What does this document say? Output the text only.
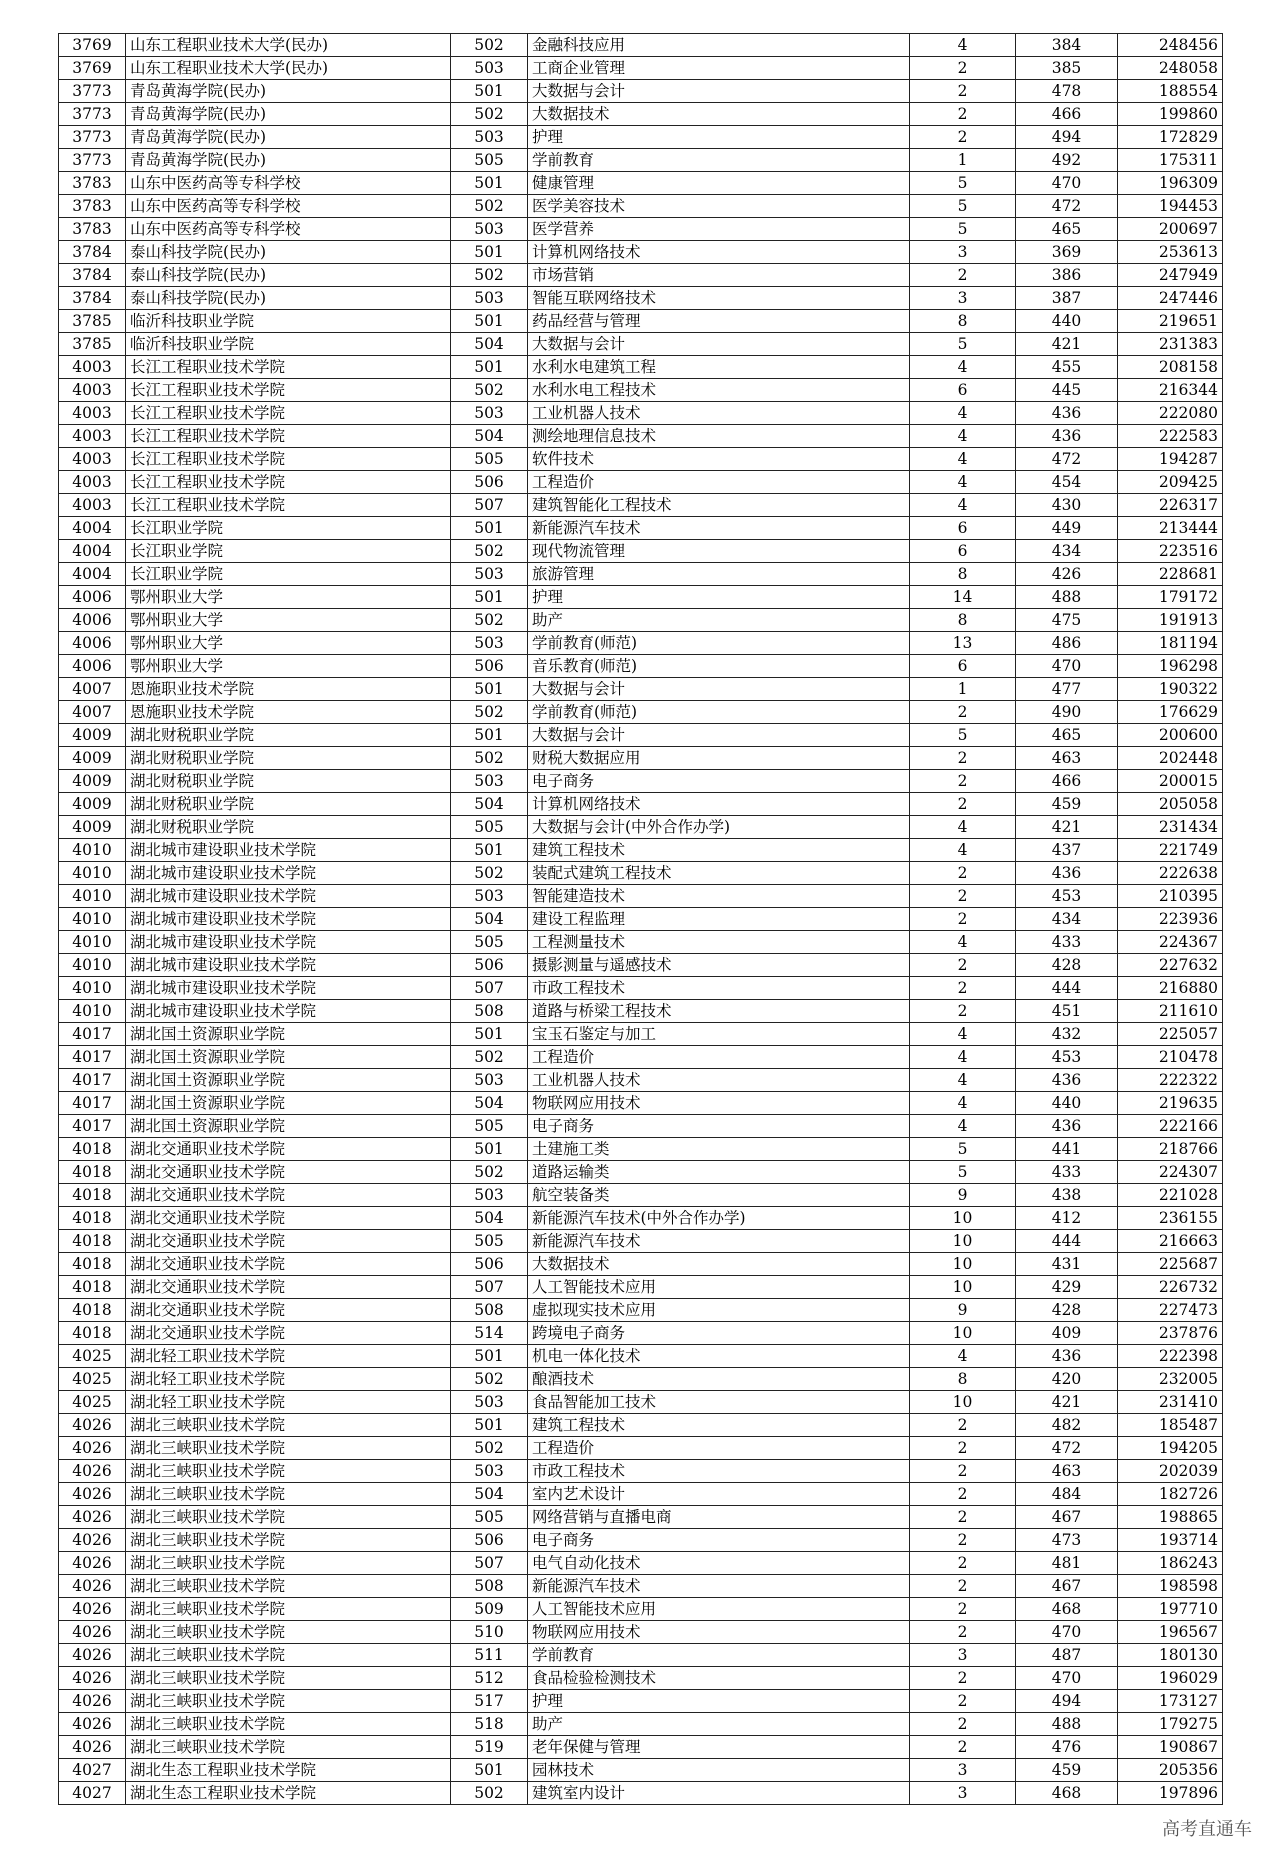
3769	山东工程职业技术大学(民办)	502	金融科技应用	4	384	248456
3769	山东工程职业技术大学(民办)	503	工商企业管理	2	385	248058
3773	青岛黄海学院(民办)	501	大数据与会计	2	478	188554
3773	青岛黄海学院(民办)	502	大数据技术	2	466	199860
3773	青岛黄海学院(民办)	503	护理	2	494	172829
3773	青岛黄海学院(民办)	505	学前教育	1	492	175311
3783	山东中医药高等专科学校	501	健康管理	5	470	196309
3783	山东中医药高等专科学校	502	医学美容技术	5	472	194453
3783	山东中医药高等专科学校	503	医学营养	5	465	200697
3784	泰山科技学院(民办)	501	计算机网络技术	3	369	253613
3784	泰山科技学院(民办)	502	市场营销	2	386	247949
3784	泰山科技学院(民办)	503	智能互联网络技术	3	387	247446
3785	临沂科技职业学院	501	药品经营与管理	8	440	219651
3785	临沂科技职业学院	504	大数据与会计	5	421	231383
4003	长江工程职业技术学院	501	水利水电建筑工程	4	455	208158
4003	长江工程职业技术学院	502	水利水电工程技术	6	445	216344
4003	长江工程职业技术学院	503	工业机器人技术	4	436	222080
4003	长江工程职业技术学院	504	测绘地理信息技术	4	436	222583
4003	长江工程职业技术学院	505	软件技术	4	472	194287
4003	长江工程职业技术学院	506	工程造价	4	454	209425
4003	长江工程职业技术学院	507	建筑智能化工程技术	4	430	226317
4004	长江职业学院	501	新能源汽车技术	6	449	213444
4004	长江职业学院	502	现代物流管理	6	434	223516
4004	长江职业学院	503	旅游管理	8	426	228681
4006	鄂州职业大学	501	护理	14	488	179172
4006	鄂州职业大学	502	助产	8	475	191913
4006	鄂州职业大学	503	学前教育(师范)	13	486	181194
4006	鄂州职业大学	506	音乐教育(师范)	6	470	196298
4007	恩施职业技术学院	501	大数据与会计	1	477	190322
4007	恩施职业技术学院	502	学前教育(师范)	2	490	176629
4009	湖北财税职业学院	501	大数据与会计	5	465	200600
4009	湖北财税职业学院	502	财税大数据应用	2	463	202448
4009	湖北财税职业学院	503	电子商务	2	466	200015
4009	湖北财税职业学院	504	计算机网络技术	2	459	205058
4009	湖北财税职业学院	505	大数据与会计(中外合作办学)	4	421	231434
4010	湖北城市建设职业技术学院	501	建筑工程技术	4	437	221749
4010	湖北城市建设职业技术学院	502	装配式建筑工程技术	2	436	222638
4010	湖北城市建设职业技术学院	503	智能建造技术	2	453	210395
4010	湖北城市建设职业技术学院	504	建设工程监理	2	434	223936
4010	湖北城市建设职业技术学院	505	工程测量技术	4	433	224367
4010	湖北城市建设职业技术学院	506	摄影测量与遥感技术	2	428	227632
4010	湖北城市建设职业技术学院	507	市政工程技术	2	444	216880
4010	湖北城市建设职业技术学院	508	道路与桥梁工程技术	2	451	211610
4017	湖北国土资源职业学院	501	宝玉石鉴定与加工	4	432	225057
4017	湖北国土资源职业学院	502	工程造价	4	453	210478
4017	湖北国土资源职业学院	503	工业机器人技术	4	436	222322
4017	湖北国土资源职业学院	504	物联网应用技术	4	440	219635
4017	湖北国土资源职业学院	505	电子商务	4	436	222166
4018	湖北交通职业技术学院	501	土建施工类	5	441	218766
4018	湖北交通职业技术学院	502	道路运输类	5	433	224307
4018	湖北交通职业技术学院	503	航空装备类	9	438	221028
4018	湖北交通职业技术学院	504	新能源汽车技术(中外合作办学)	10	412	236155
4018	湖北交通职业技术学院	505	新能源汽车技术	10	444	216663
4018	湖北交通职业技术学院	506	大数据技术	10	431	225687
4018	湖北交通职业技术学院	507	人工智能技术应用	10	429	226732
4018	湖北交通职业技术学院	508	虚拟现实技术应用	9	428	227473
4018	湖北交通职业技术学院	514	跨境电子商务	10	409	237876
4025	湖北轻工职业技术学院	501	机电一体化技术	4	436	222398
4025	湖北轻工职业技术学院	502	酿酒技术	8	420	232005
4025	湖北轻工职业技术学院	503	食品智能加工技术	10	421	231410
4026	湖北三峡职业技术学院	501	建筑工程技术	2	482	185487
4026	湖北三峡职业技术学院	502	工程造价	2	472	194205
4026	湖北三峡职业技术学院	503	市政工程技术	2	463	202039
4026	湖北三峡职业技术学院	504	室内艺术设计	2	484	182726
4026	湖北三峡职业技术学院	505	网络营销与直播电商	2	467	198865
4026	湖北三峡职业技术学院	506	电子商务	2	473	193714
4026	湖北三峡职业技术学院	507	电气自动化技术	2	481	186243
4026	湖北三峡职业技术学院	508	新能源汽车技术	2	467	198598
4026	湖北三峡职业技术学院	509	人工智能技术应用	2	468	197710
4026	湖北三峡职业技术学院	510	物联网应用技术	2	470	196567
4026	湖北三峡职业技术学院	511	学前教育	3	487	180130
4026	湖北三峡职业技术学院	512	食品检验检测技术	2	470	196029
4026	湖北三峡职业技术学院	517	护理	2	494	173127
4026	湖北三峡职业技术学院	518	助产	2	488	179275
4026	湖北三峡职业技术学院	519	老年保健与管理	2	476	190867
4027	湖北生态工程职业技术学院	501	园林技术	3	459	205356
4027	湖北生态工程职业技术学院	502	建筑室内设计	3	468	197896
高考直通车
